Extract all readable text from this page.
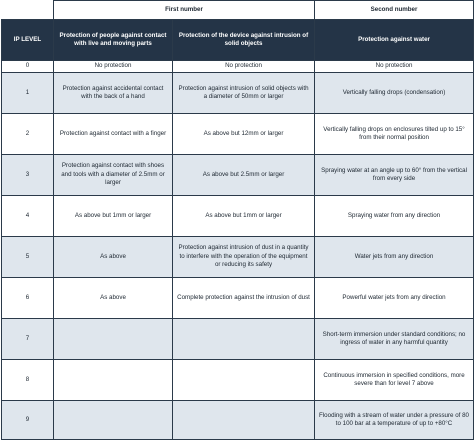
	First number		Second number
IP LEVEL	Protection of people against contact with live and moving parts	Protection of the device against intrusion of solid objects	Protection against water
0	No protection	No protection	No protection
1	Protection against accidental contact with the back of a hand	Protection against intrusion of solid objects with a diameter of 50mm or larger	Vertically falling drops (condensation)
2	Protection against contact with a finger	As above but 12mm or larger	Vertically falling drops on enclosures tilted up to 15° from their normal position
3	Protection against contact with shoes and tools with a diameter of 2.5mm or larger	As above but 2.5mm or larger	Spraying water at an angle up to 60° from the vertical from every side
4	As above but 1mm or larger	As above but 1mm or larger	Spraying water from any direction
5	As above	Protection against intrusion of dust in a quantity to interfere with the operation of the equipment or reducing its safety	Water jets from any direction
6	As above	Complete protection against the intrusion of dust	Powerful water jets from any direction
7			Short-term immersion under standard conditions; no ingress of water in any harmful quantity
8			Continuous immersion in specified conditions, more severe than for level 7 above
9			Flooding with a stream of water under a pressure of 80 to 100 bar at a temperature of up to +80°C
